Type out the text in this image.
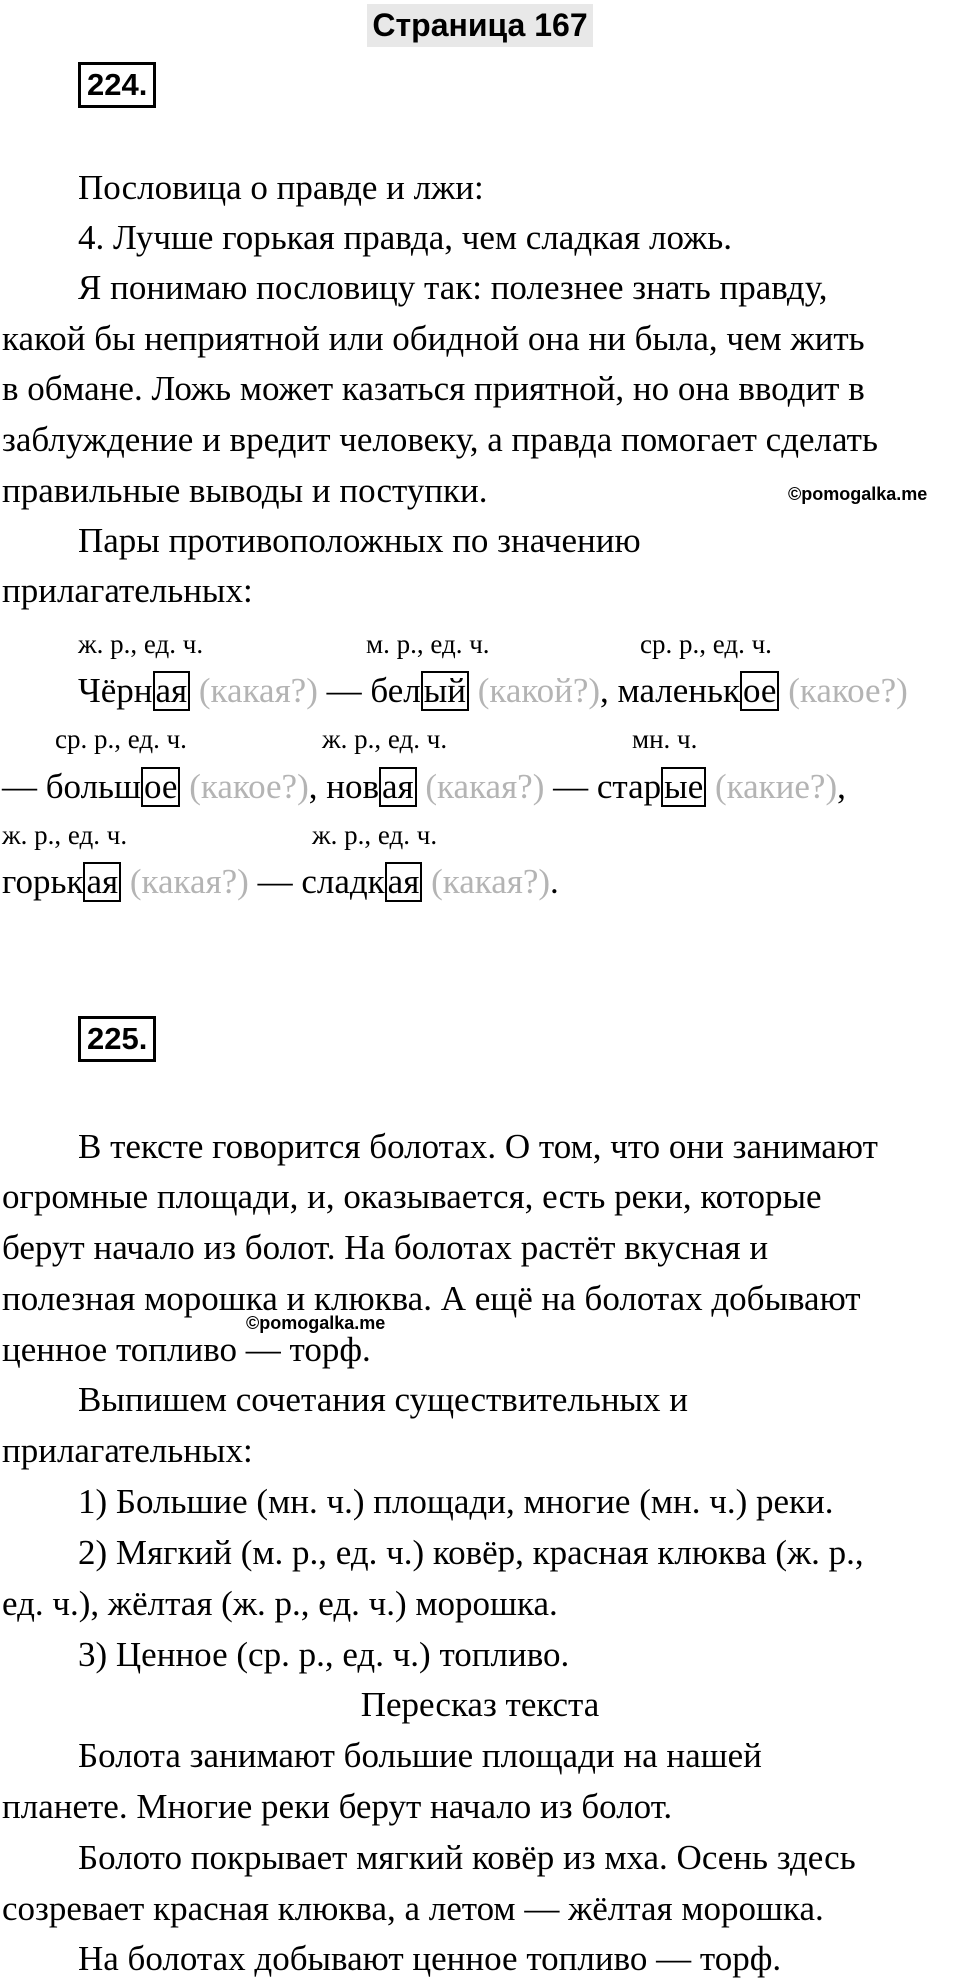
Страница 167
224.
Пословица о правде и лжи:
4. Лучше горькая правда, чем сладкая ложь.
Я понимаю пословицу так: полезнее знать правду,
какой бы неприятной или обидной она ни была, чем жить
в обмане. Ложь может казаться приятной, но она вводит в
заблуждение и вредит человеку, а правда помогает сделать
правильные выводы и поступки.	©pomogalka.me
Пары противоположных по значению
прилагательных:
ж. р., ед. ч.	м. р., ед. ч.	ср. р., ед. ч.
Чёрная (какая?) — белый (какой?), маленькое (какое?)
ср. р., ед. ч.	ж. р., ед. ч.	мн. ч.
— большое (какое?), новая (какая?) — старые (какие?),
ж. р., ед. ч.	ж. р., ед. ч.
горькая (какая?) — сладкая (какая?).
225.
В тексте говорится болотах. О том, что они занимают
огромные площади, и, оказывается, есть реки, которые
берут начало из болот. На болотах растёт вкусная и
полезная морошка и клюква. А ещё на болотах добывают
©pomogalka.me
ценное топливо — торф.
Выпишем сочетания существительных и
прилагательных:
1) Большие (мн. ч.) площади, многие (мн. ч.) реки.
2) Мягкий (м. р., ед. ч.) ковёр, красная клюква (ж. р.,
ед. ч.), жёлтая (ж. р., ед. ч.) морошка.
3) Ценное (ср. р., ед. ч.) топливо.
Пересказ текста
Болота занимают большие площади на нашей
планете. Многие реки берут начало из болот.
Болото покрывает мягкий ковёр из мха. Осень здесь
созревает красная клюква, а летом — жёлтая морошка.
На болотах добывают ценное топливо — торф.
